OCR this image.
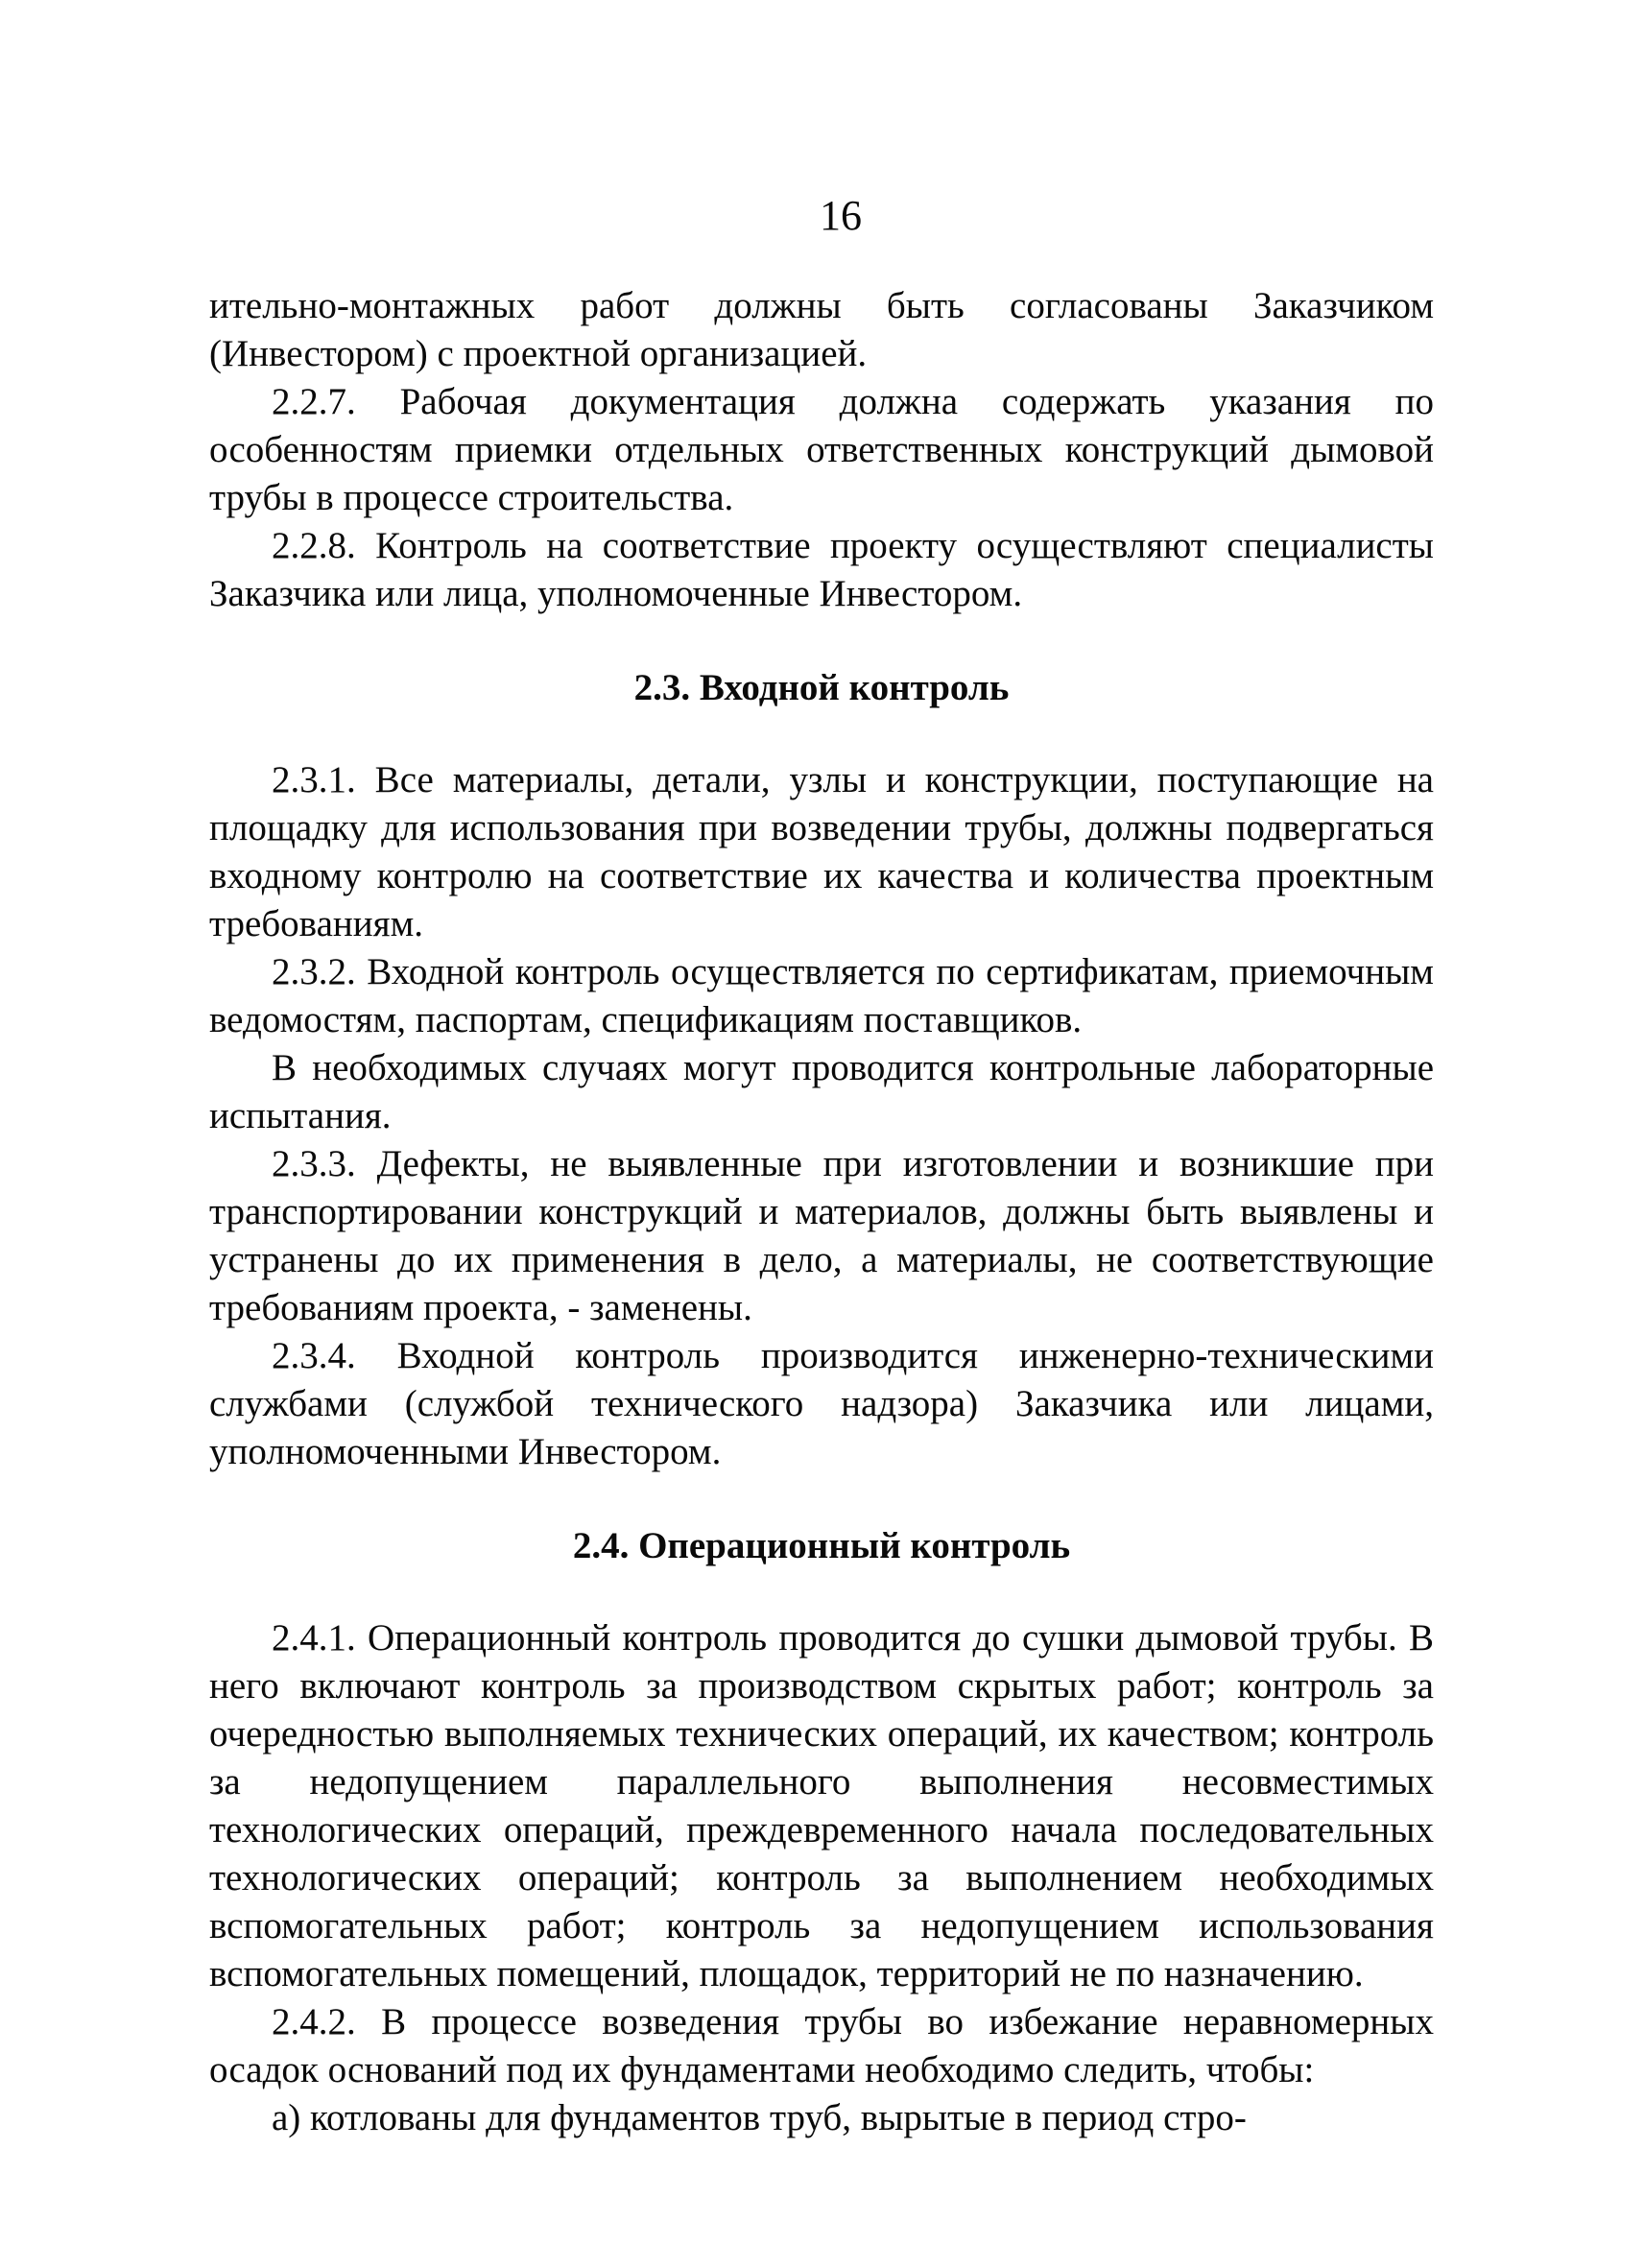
16

ительно-монтажных работ должны быть согласованы Заказчиком (Инвестором) с проектной организацией.

2.2.7. Рабочая документация должна содержать указания по особенностям приемки отдельных ответственных конструкций дымовой трубы в процессе строительства.

2.2.8. Контроль на соответствие проекту осуществляют специалисты Заказчика или лица, уполномоченные Инвестором.

2.3. Входной контроль

2.3.1. Все материалы, детали, узлы и конструкции, поступающие на площадку для использования при возведении трубы, должны подвергаться входному контролю на соответствие их качества и количества проектным требованиям.

2.3.2. Входной контроль осуществляется по сертификатам, приемочным ведомостям, паспортам, спецификациям поставщиков.

В необходимых случаях могут проводится контрольные лабораторные испытания.

2.3.3. Дефекты, не выявленные при изготовлении и возникшие при транспортировании конструкций и материалов, должны быть выявлены и устранены до их применения в дело, а материалы, не соответствующие требованиям проекта, - заменены.

2.3.4. Входной контроль производится инженерно-техническими службами (службой технического надзора) Заказчика или лицами, уполномоченными Инвестором.

2.4. Операционный контроль

2.4.1. Операционный контроль проводится до сушки дымовой трубы. В него включают контроль за производством скрытых работ; контроль за очередностью выполняемых технических операций, их качеством; контроль за недопущением параллельного выполнения несовместимых технологических операций, преждевременного начала последовательных технологических операций; контроль за выполнением необходимых вспомогательных работ; контроль за недопущением использования вспомогательных помещений, площадок, территорий не по назначению.

2.4.2. В процессе возведения трубы во избежание неравномерных осадок оснований под их фундаментами необходимо следить, чтобы:

а) котлованы для фундаментов труб, вырытые в период стро-
